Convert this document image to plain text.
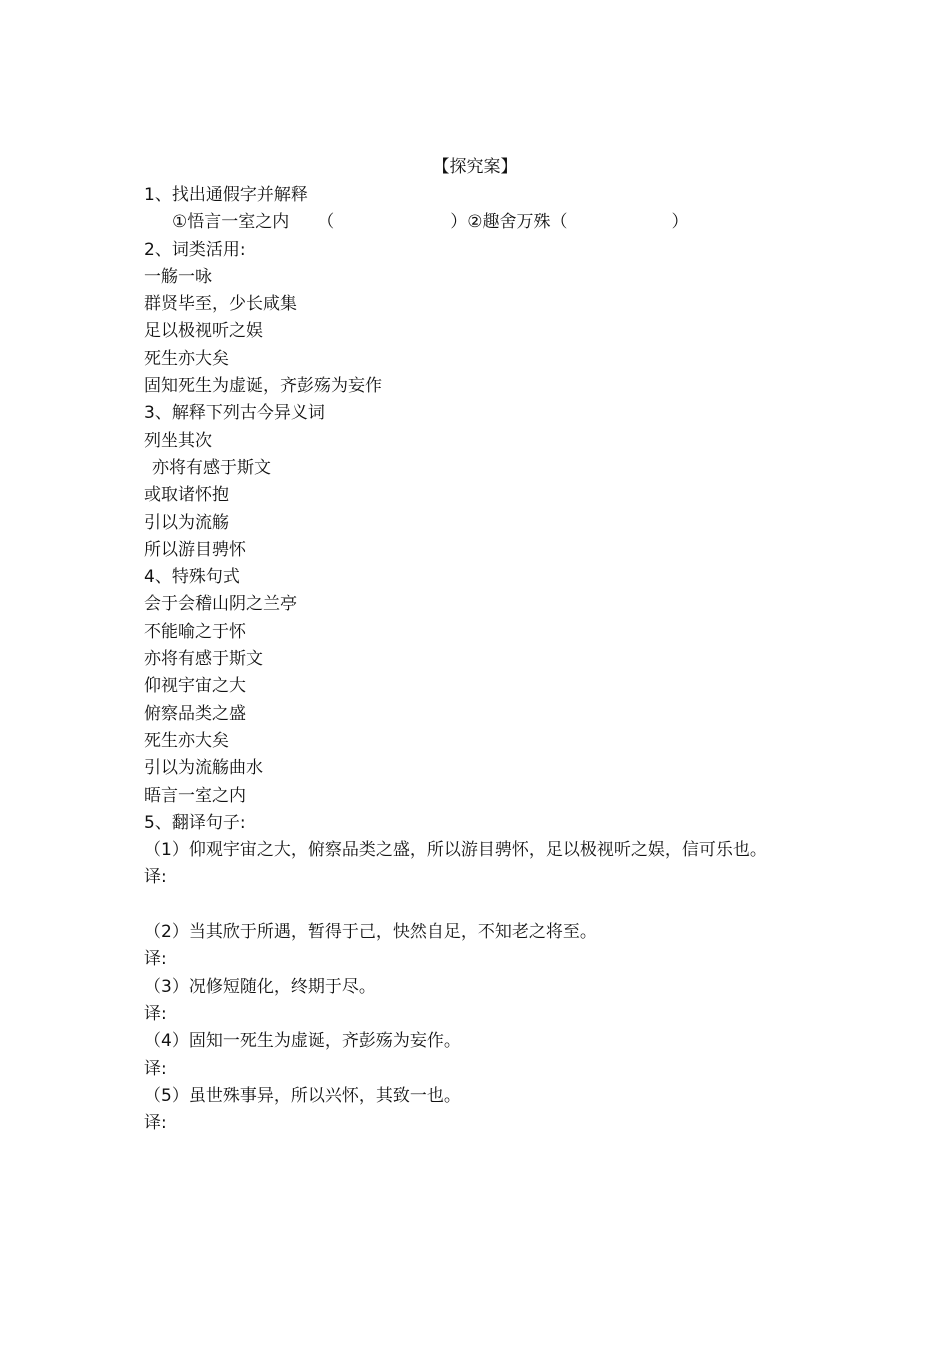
【探究案】
1、找出通假字并解释
①悟言一室之内 （	）②趣舍万殊（	）
2、词类活用:
一觞一咏
群贤毕至，少长咸集
足以极视听之娱
死生亦大矣
固知死生为虚诞，齐彭殇为妄作
3、解释下列古今异义词
列坐其次
亦将有感于斯文
或取诸怀抱
引以为流觞
所以游目骋怀
4、特殊句式
会于会稽山阴之兰亭
不能喻之于怀
亦将有感于斯文
仰视宇宙之大
俯察品类之盛
死生亦大矣
引以为流觞曲水
晤言一室之内
5、翻译句子:
（1）仰观宇宙之大，俯察品类之盛，所以游目骋怀，足以极视听之娱，信可乐也。
译:
（2）当其欣于所遇，暂得于己，快然自足，不知老之将至。
译:
（3）况修短随化，终期于尽。
译:
（4）固知一死生为虚诞，齐彭殇为妄作。
译:
（5）虽世殊事异，所以兴怀，其致一也。
译:
